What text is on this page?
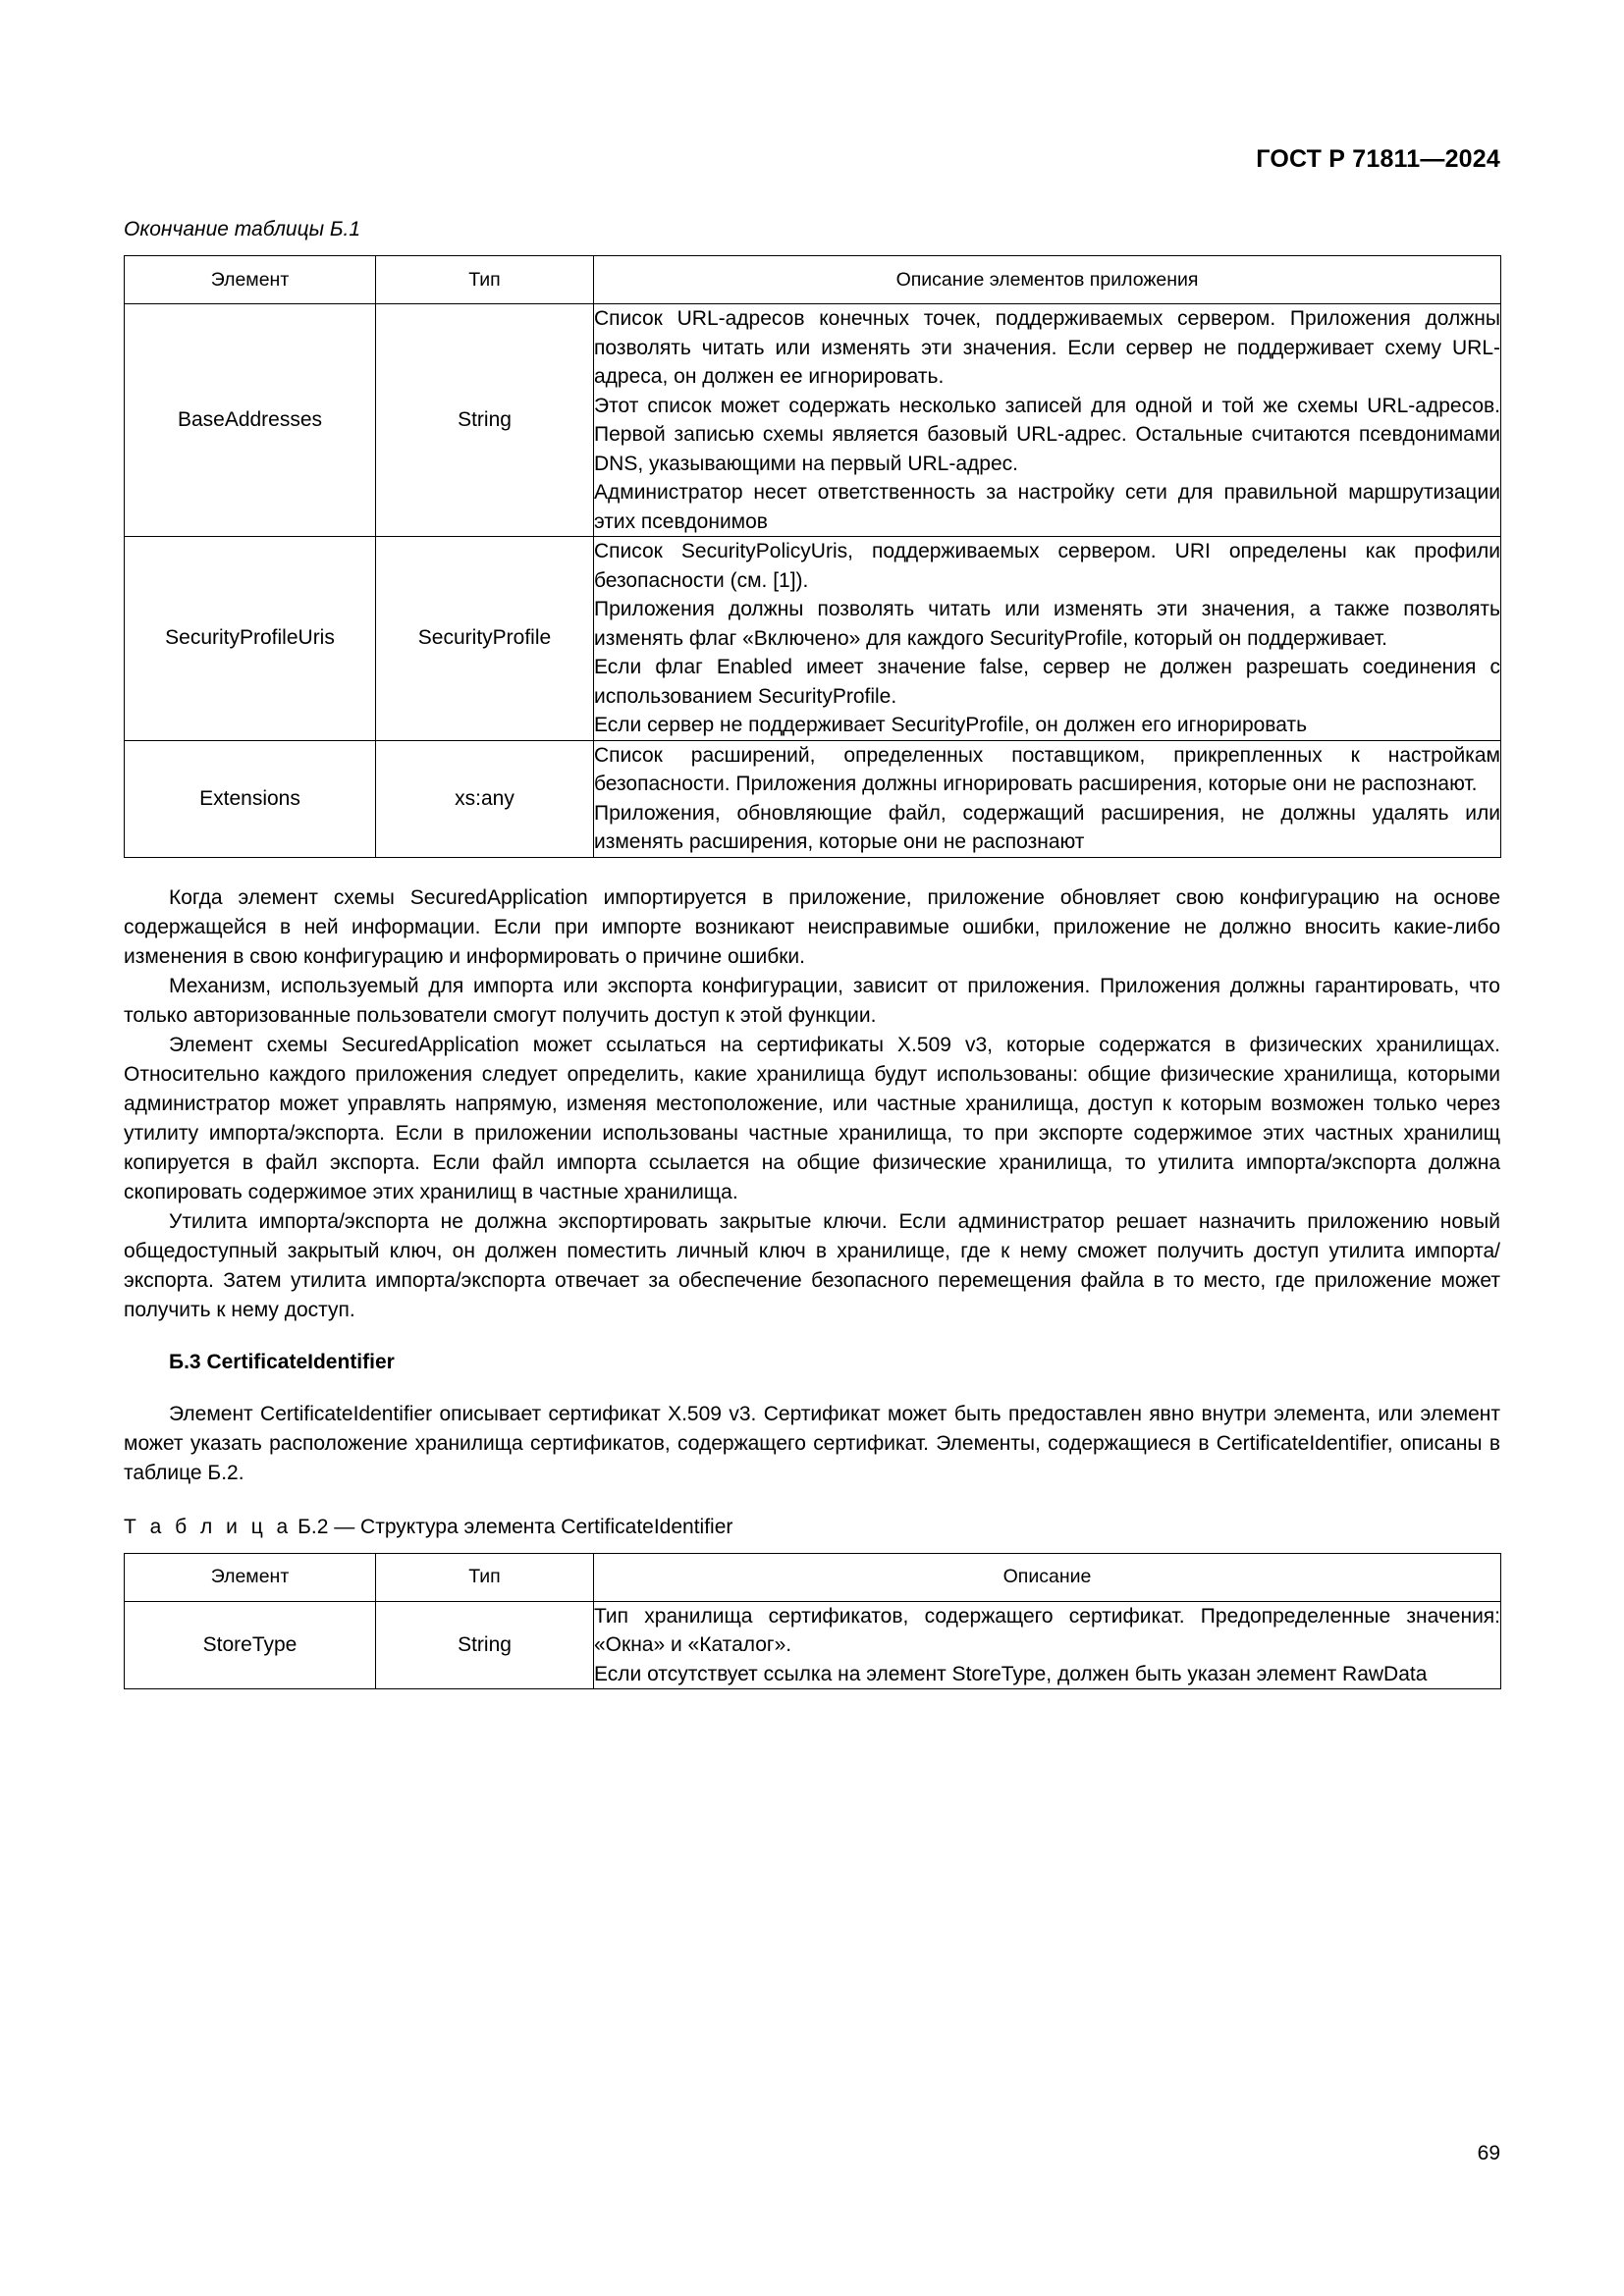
ГОСТ Р 71811—2024
Окончание таблицы Б.1
Элемент	Тип	Описание элементов приложения
BaseAddresses	String	Список URL-адресов конечных точек, поддерживаемых сервером. Приложения должны позволять читать или изменять эти значения. Если сервер не поддерживает схему URL-адреса, он должен ее игнорировать.

Этот список может содержать несколько записей для одной и той же схемы URL-адресов. Первой записью схемы является базовый URL-адрес. Остальные считаются псевдонимами DNS, указывающими на первый URL-адрес.

Администратор несет ответственность за настройку сети для правильной маршрутизации этих псевдонимов

SecurityProfileUris	SecurityProfile	Список SecurityPolicyUris, поддерживаемых сервером. URI определены как профили безопасности (см. [1]).

Приложения должны позволять читать или изменять эти значения, а также позволять изменять флаг «Включено» для каждого SecurityProfile, который он поддерживает.

Если флаг Enabled имеет значение false, сервер не должен разрешать соединения с использованием SecurityProfile.

Если сервер не поддерживает SecurityProfile, он должен его игнорировать

Extensions	xs:any	Список расширений, определенных поставщиком, прикрепленных к настройкам безопасности. Приложения должны игнорировать расширения, которые они не распознают.

Приложения, обновляющие файл, содержащий расширения, не должны удалять или изменять расширения, которые они не распознают

Когда элемент схемы SecuredApplication импортируется в приложение, приложение обновляет свою конфигурацию на основе содержащейся в ней информации. Если при импорте возникают неисправимые ошибки, приложение не должно вносить какие-либо изменения в свою конфигурацию и информировать о причине ошибки.

Механизм, используемый для импорта или экспорта конфигурации, зависит от приложения. Приложения должны гарантировать, что только авторизованные пользователи смогут получить доступ к этой функции.

Элемент схемы SecuredApplication может ссылаться на сертификаты X.509 v3, которые содержатся в физических хранилищах. Относительно каждого приложения следует определить, какие хранилища будут использованы: общие физические хранилища, которыми администратор может управлять напрямую, изменяя местоположение, или частные хранилища, доступ к которым возможен только через утилиту импорта/экспорта. Если в приложении использованы частные хранилища, то при экспорте содержимое этих частных хранилищ копируется в файл экспорта. Если файл импорта ссылается на общие физические хранилища, то утилита импорта/экспорта должна скопировать содержимое этих хранилищ в частные хранилища.

Утилита импорта/экспорта не должна экспортировать закрытые ключи. Если администратор решает назначить приложению новый общедоступный закрытый ключ, он должен поместить личный ключ в хранилище, где к нему сможет получить доступ утилита импорта/экспорта. Затем утилита импорта/экспорта отвечает за обеспечение безопасного перемещения файла в то место, где приложение может получить к нему доступ.

Б.3 CertificateIdentifier

Элемент CertificateIdentifier описывает сертификат X.509 v3. Сертификат может быть предоставлен явно внутри элемента, или элемент может указать расположение хранилища сертификатов, содержащего сертификат. Элементы, содержащиеся в CertificateIdentifier, описаны в таблице Б.2.

Т а б л и ц а Б.2 — Структура элемента CertificateIdentifier
Элемент	Тип	Описание
StoreType	String	Тип хранилища сертификатов, содержащего сертификат. Предопределенные значения: «Окна» и «Каталог».

Если отсутствует ссылка на элемент StoreType, должен быть указан элемент RawData

69
